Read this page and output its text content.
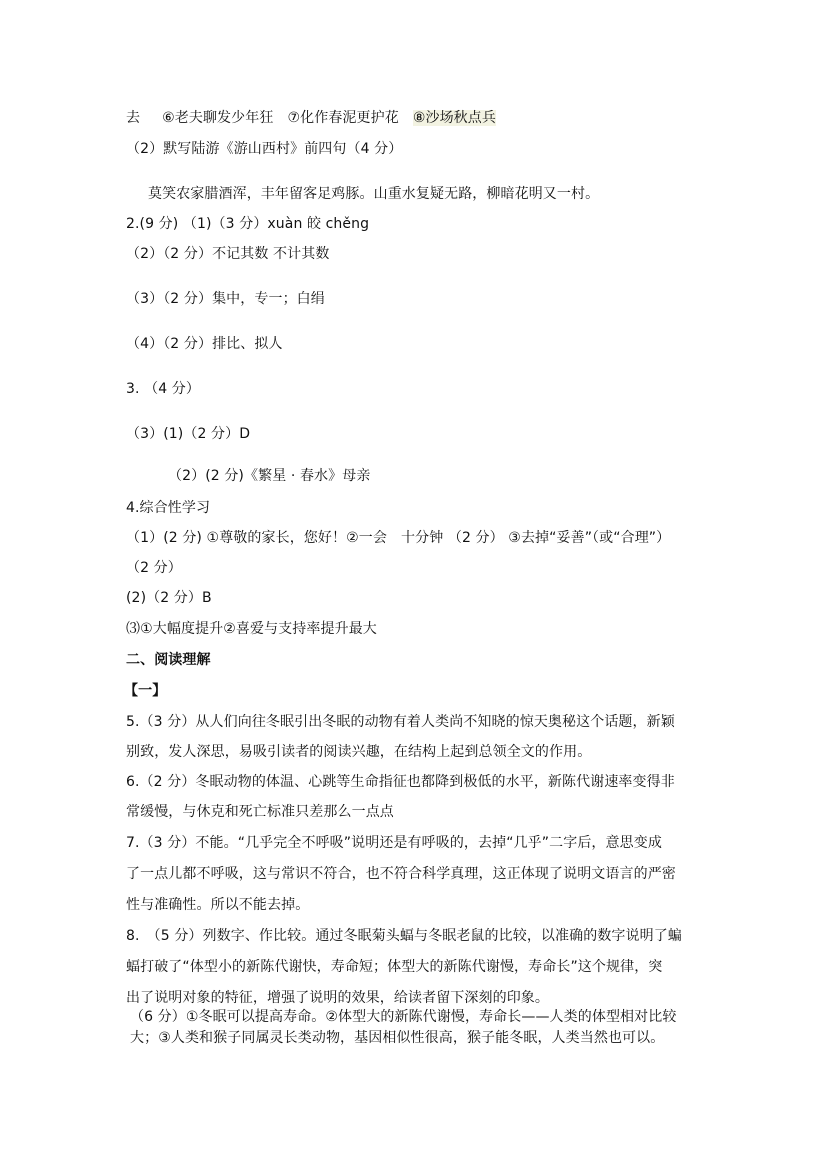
去 ⑥老夫聊发少年狂 ⑦化作春泥更护花 ⑧沙场秋点兵
（2）默写陆游《游山西村》前四句（4 分）
莫笑农家腊酒浑，丰年留客足鸡豚。山重水复疑无路，柳暗花明又一村。
2.(9 分) （1)（3 分）xuàn 皎 chěng
（2）（2 分）不记其数 不计其数
（3）（2 分）集中，专一；白绢
（4）（2 分）排比、拟人
3. （4 分）
（3）(1)（2 分）D
（2）(2 分)《繁星 · 春水》母亲
4.综合性学习
（1）(2 分) ①尊敬的家长，您好！②一会　十分钟 （2 分） ③去掉“妥善”（或“合理”）
（2 分）
(2)（2 分）B
⑶①大幅度提升②喜爱与支持率提升最大
二、阅读理解
【一】
5.（3 分）从人们向往冬眠引出冬眠的动物有着人类尚不知晓的惊天奥秘这个话题，新颖
别致，发人深思，易吸引读者的阅读兴趣，在结构上起到总领全文的作用。
6.（2 分）冬眠动物的体温、心跳等生命指征也都降到极低的水平，新陈代谢速率变得非
常缓慢，与休克和死亡标准只差那么一点点
7.（3 分）不能。“几乎完全不呼吸”说明还是有呼吸的，去掉“几乎”二字后，意思变成
了一点儿都不呼吸，这与常识不符合，也不符合科学真理，这正体现了说明文语言的严密
性与准确性。所以不能去掉。
8.　（5 分）列数字、作比较。通过冬眠菊头蝠与冬眠老鼠的比较，以准确的数字说明了蝙
蝠打破了“体型小的新陈代谢快，寿命短；体型大的新陈代谢慢，寿命长”这个规律，突
出了说明对象的特征，增强了说明的效果，给读者留下深刻的印象。
（6 分）①冬眠可以提高寿命。②体型大的新陈代谢慢，寿命长——人类的体型相对比较
大；③人类和猴子同属灵长类动物，基因相似性很高，猴子能冬眠，人类当然也可以。
